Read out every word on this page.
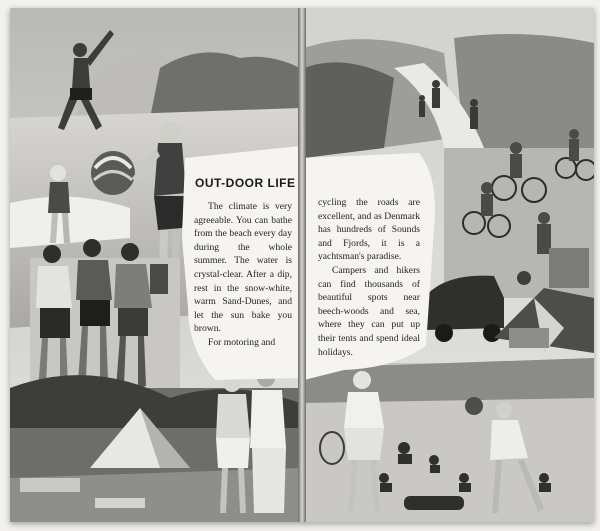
OUT-DOOR LIFE

The climate is very agreeable. You can bathe from the beach every day during the whole summer. The water is crystal-clear. After a dip, rest in the snow-white, warm Sand-Dunes, and let the sun bake you brown.

For motoring and

cycling the roads are excellent, and as Denmark has hundreds of Sounds and Fjords, it is a yachtsman's paradise.

Campers and hikers can find thousands of beautiful spots near beech-woods and sea, where they can put up their tents and spend ideal holidays.
